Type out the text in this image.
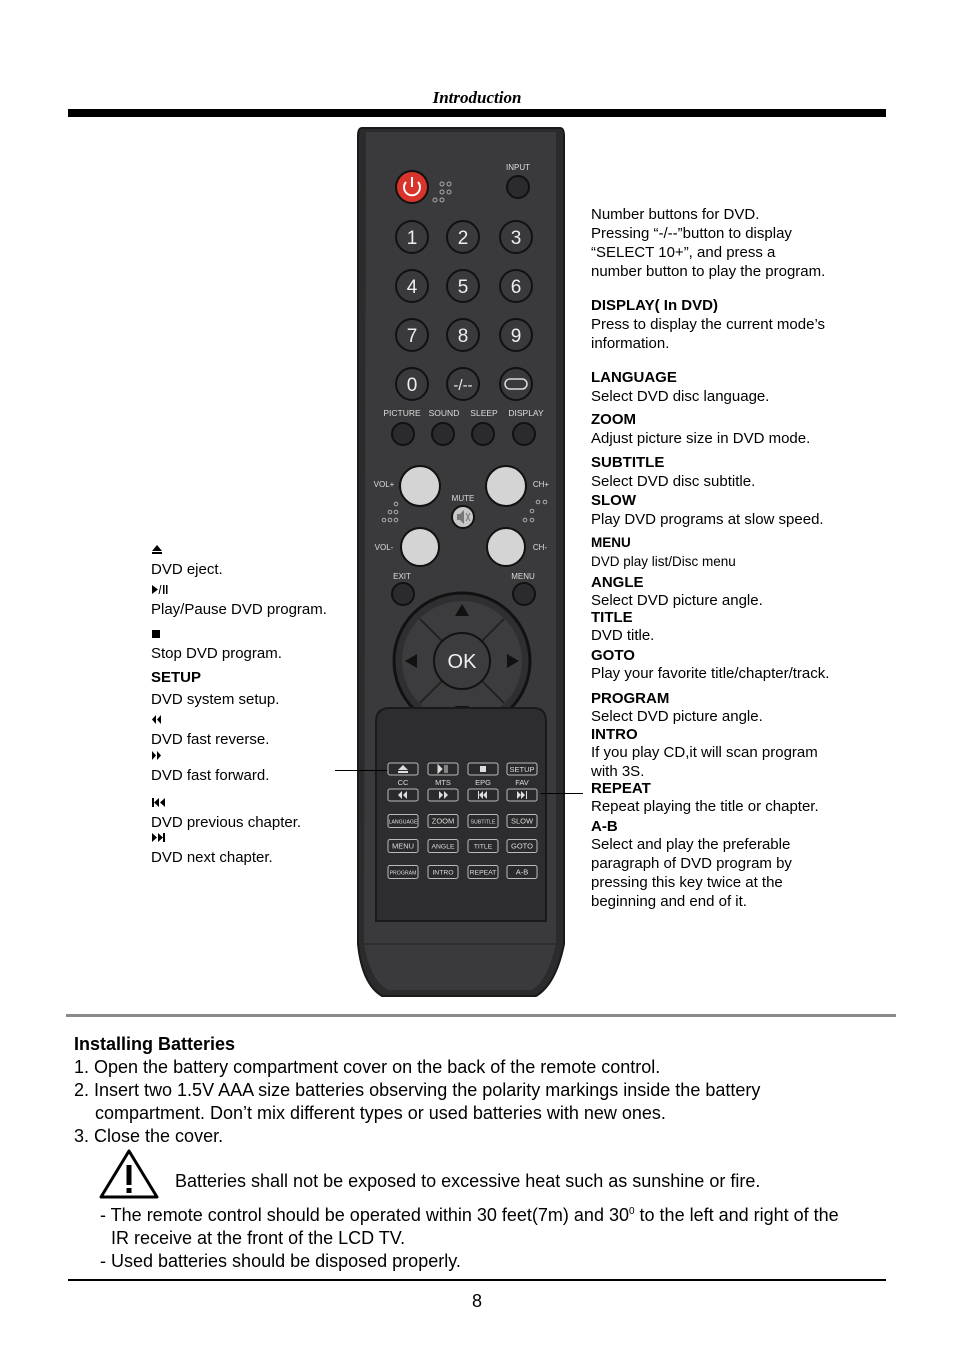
Introduction
INPUT
1 2 3
4 5 6
7 8 9
0 -/--
PICTURE SOUND SLEEP DISPLAY
VOL+	CH+
VOL-	CH-
MUTE
EXIT	MENU
OK
SETUP
CC	MTS	EPG	FAV
LANGUAGE ZOOM	SUBTITLE SLOW
MENU	ANGLE	TITLE	GOTO
PROGRAM INTRO REPEAT	A-B
Number buttons for DVD.
Pressing “-/--”button to display
“SELECT 10+”, and press a
number button to play the program.
DISPLAY( In DVD)
Press to display the current mode’s
information.
LANGUAGE
Select DVD disc language.
ZOOM
Adjust picture size in DVD mode.
SUBTITLE
Select DVD disc subtitle.
SLOW
Play DVD programs at slow speed.
MENU
DVD play list/Disc menu
ANGLE
Select DVD picture angle.
TITLE
DVD title.
GOTO
Play your favorite title/chapter/track.
PROGRAM
Select DVD picture angle.
INTRO
If you play CD,it will scan program
with 3S.
REPEAT
Repeat playing the title or chapter.
A-B
Select and play the preferable
paragraph of DVD program by
pressing this key twice at the
beginning and end of it.
DVD eject.
Play/Pause DVD program.
Stop DVD program.
SETUP
DVD system setup.
DVD fast reverse.
DVD fast forward.
DVD previous chapter.
DVD next chapter.
Installing Batteries
1. Open the battery compartment cover on the back of the remote control.
2. Insert two 1.5V AAA size batteries observing the polarity markings inside the battery
compartment. Don’t mix different types or used batteries with new ones.
3. Close the cover.
Batteries shall not be exposed to excessive heat such as sunshine or fire.
- The remote control should be operated within 30 feet(7m) and $30^0$ to the left and right of the
IR receive at the front of the LCD TV.
- Used batteries should be disposed properly.
8
